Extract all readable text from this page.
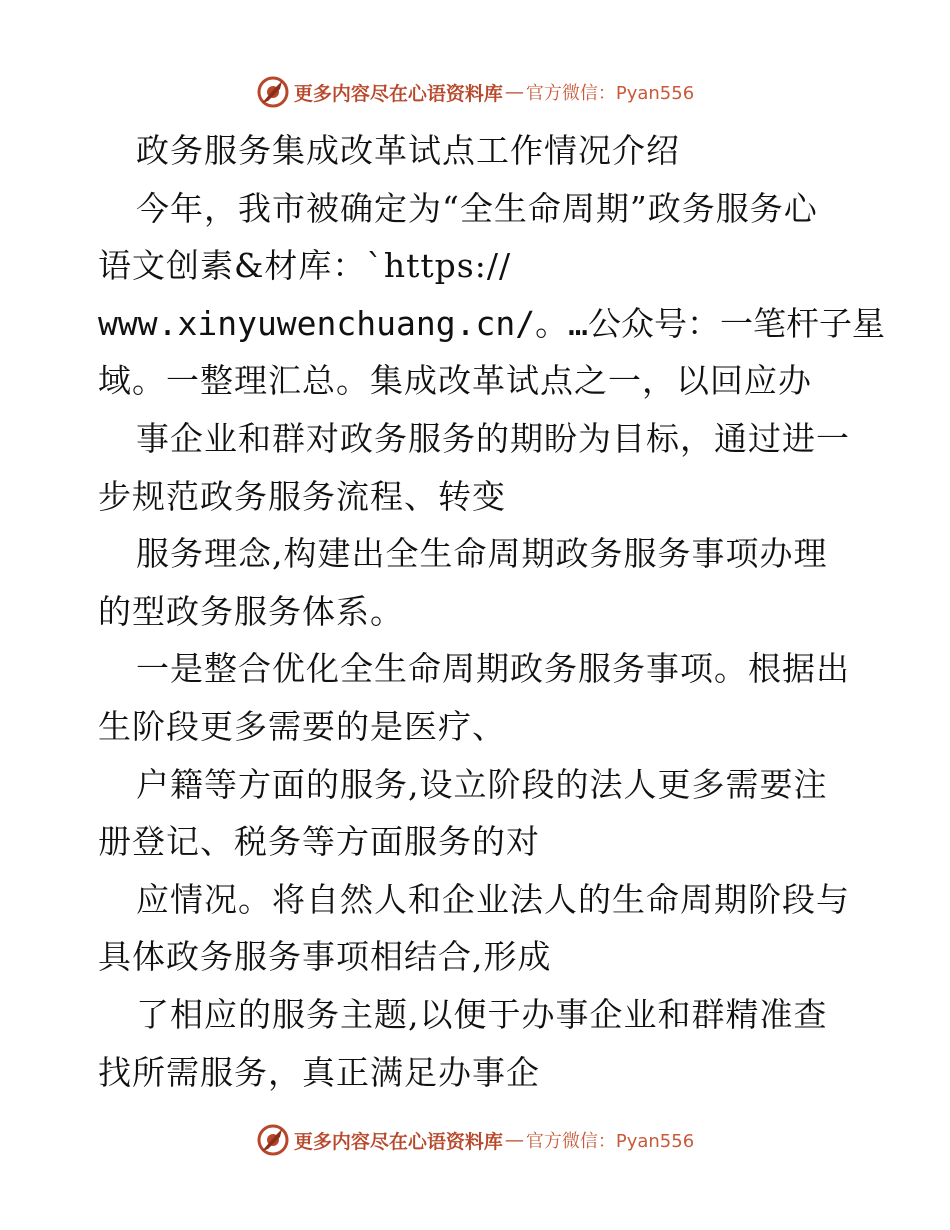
更多内容尽在心语资料库 — 官方微信：Pyan556
政务服务集成改革试点工作情况介绍
今年，我市被确定为“全生命周期”政务服务心
语文创素&材库：`https://
www.xinyuwenchuang.cn/。…公众号：一笔杆子星
域。一整理汇总。集成改革试点之一，以回应办
事企业和群对政务服务的期盼为目标，通过进一
步规范政务服务流程、转变
服务理念,构建出全生命周期政务服务事项办理
的型政务服务体系。
一是整合优化全生命周期政务服务事项。根据出
生阶段更多需要的是医疗、
户籍等方面的服务,设立阶段的法人更多需要注
册登记、税务等方面服务的对
应情况。将自然人和企业法人的生命周期阶段与
具体政务服务事项相结合,形成
了相应的服务主题,以便于办事企业和群精准查
找所需服务，真正满足办事企
更多内容尽在心语资料库 — 官方微信：Pyan556
